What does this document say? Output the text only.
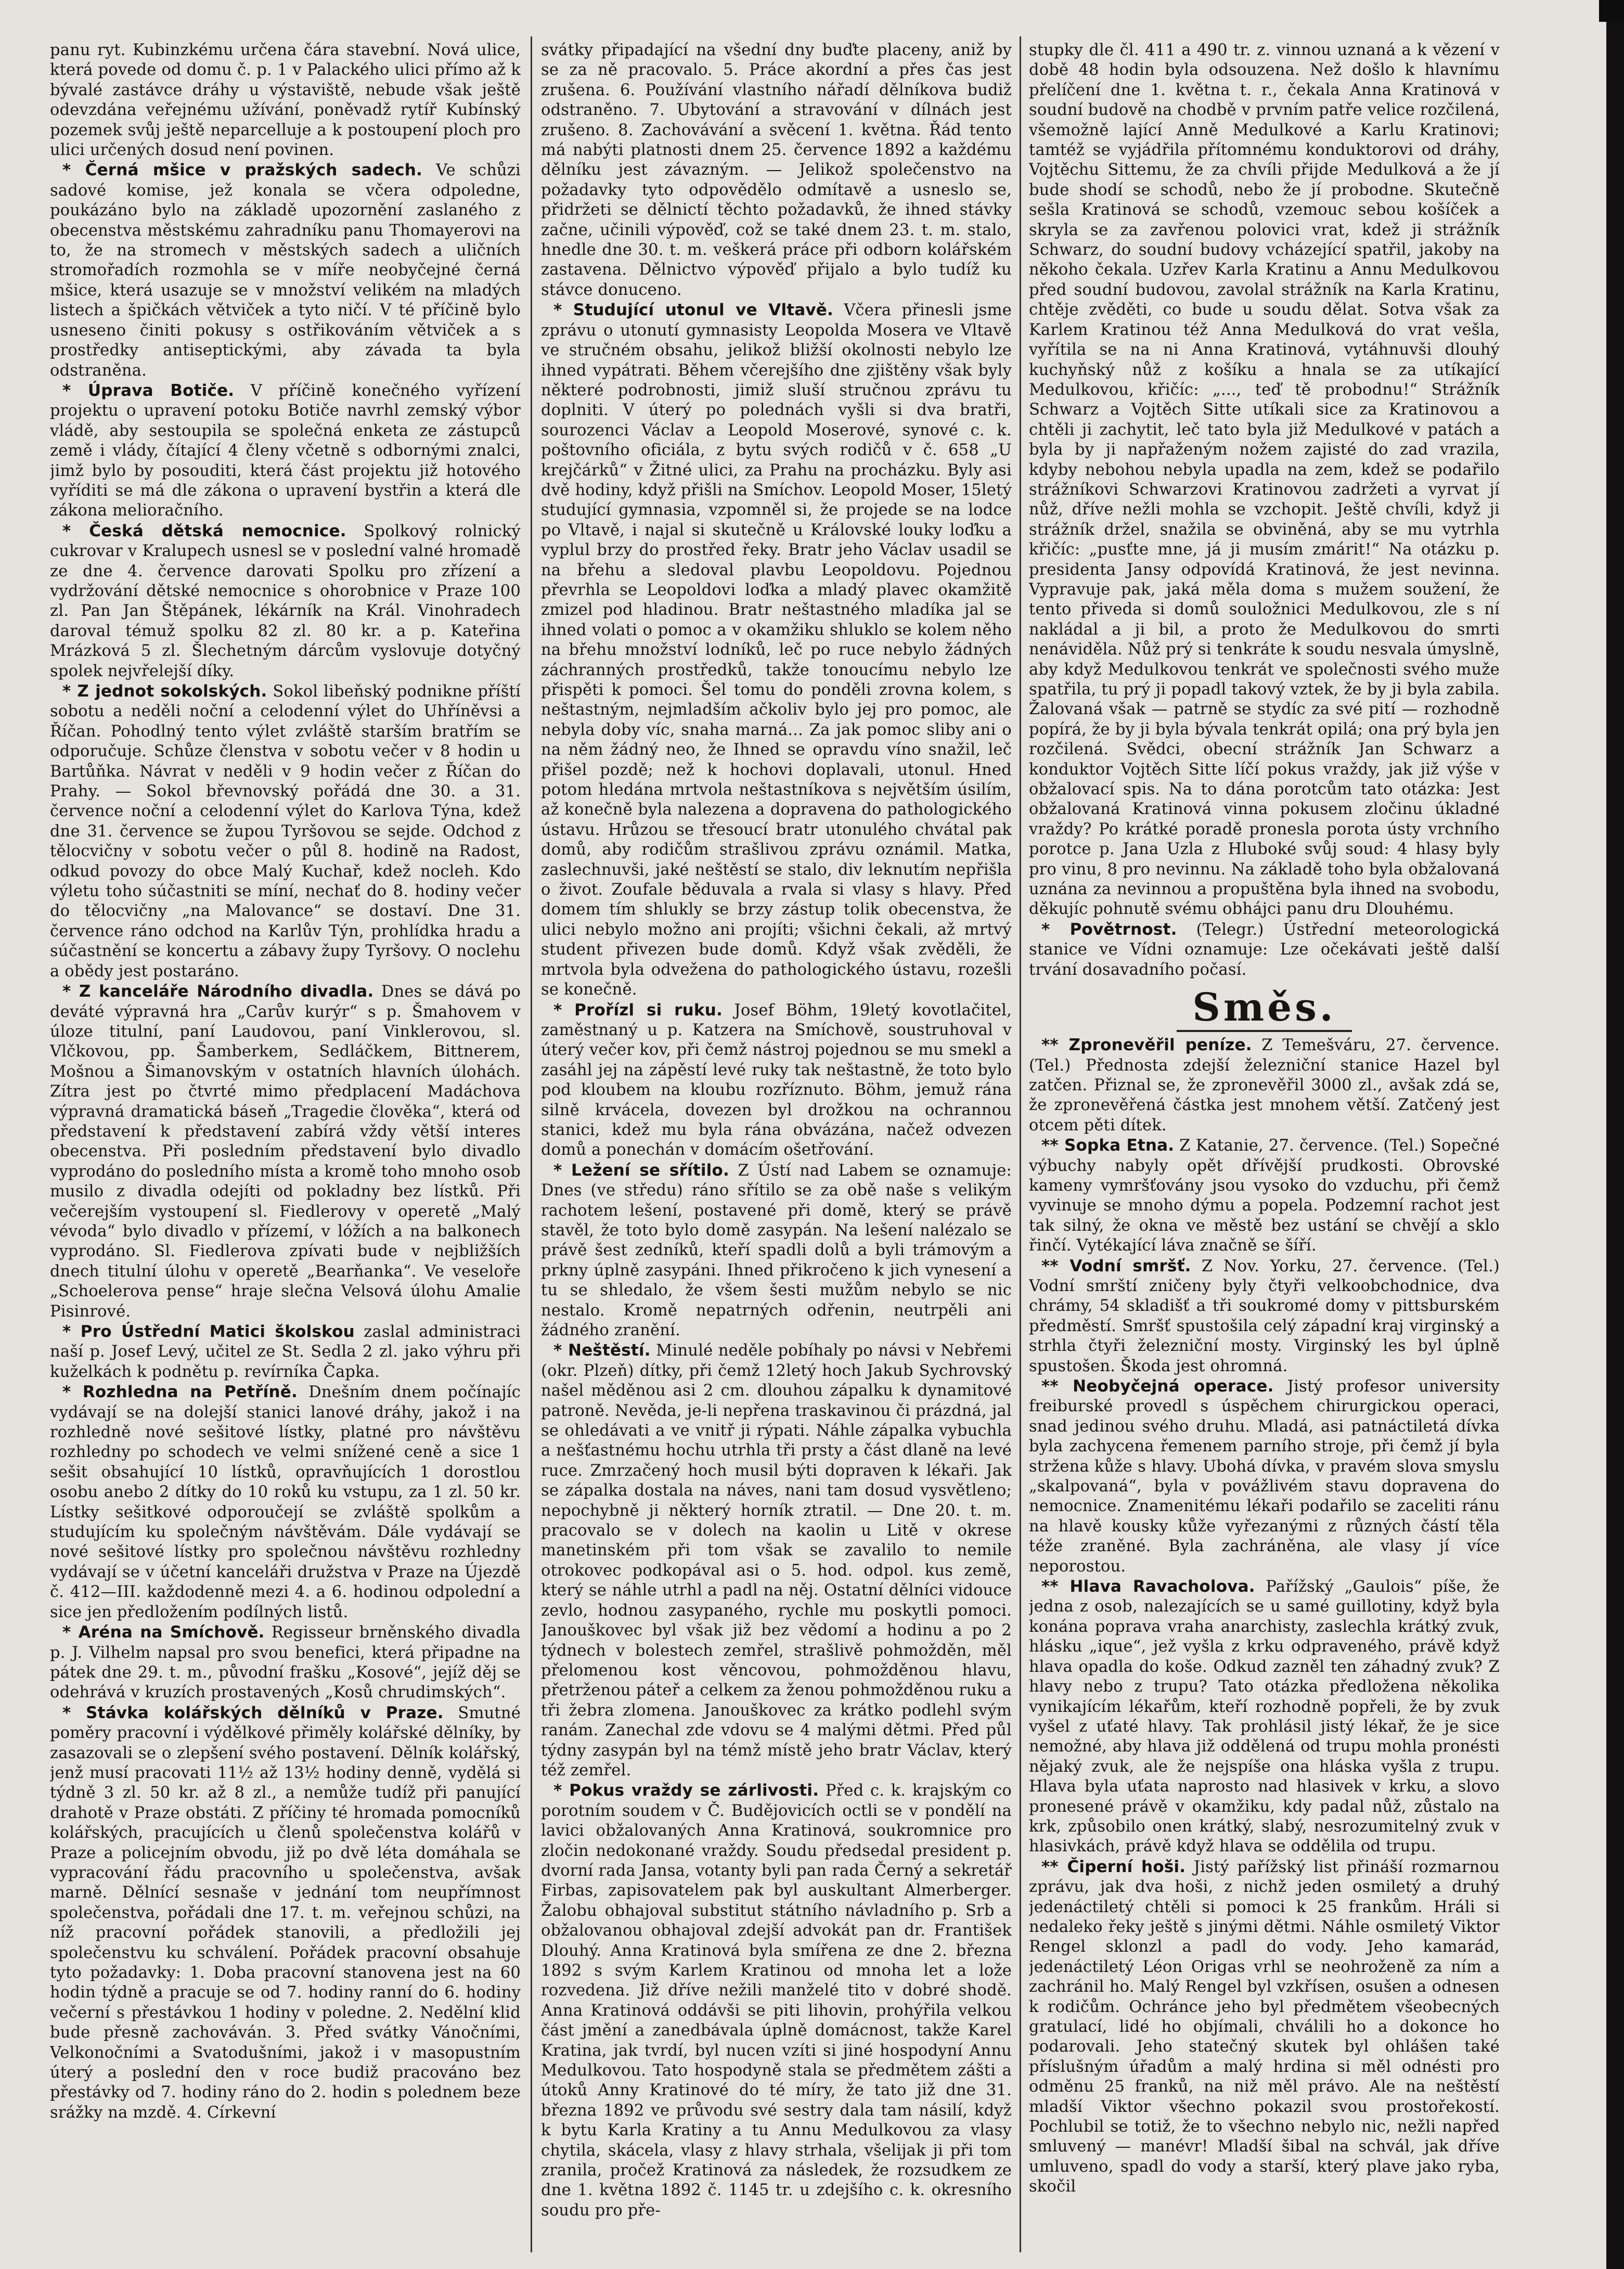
panu ryt. Kubinzkému určena čára stavební. Nová ulice, která povede od domu č. p. 1 v Palackého ulici přímo až k bývalé zastávce dráhy u výstaviště, nebude však ještě odevzdána veřejnému užívání, poněvadž rytíř Kubínský pozemek svůj ještě neparcelluje a k postoupení ploch pro ulici určených dosud není povinen.

* Černá mšice v pražských sadech. Ve schůzi sadové komise, jež konala se včera odpoledne, poukázáno bylo na základě upozornění zaslaného z obecenstva městskému zahradníku panu Thomayerovi na to, že na stromech v městských sadech a uličních stromořadích rozmohla se v míře neobyčejné černá mšice, která usazuje se v množství velikém na mladých listech a špičkách větviček a tyto ničí. V té příčině bylo usneseno činiti pokusy s ostřikováním větviček a s prostředky antiseptickými, aby závada ta byla odstraněna.

* Úprava Botiče. V příčině konečného vyřízení projektu o upravení potoku Botiče navrhl zemský výbor vládě, aby sestoupila se společná enketa ze zástupců země i vlády, čítající 4 členy včetně s odbornými znalci, jimž bylo by posouditi, která část projektu již hotového vyříditi se má dle zákona o upravení bystřin a která dle zákona melioračního.

* Česká dětská nemocnice. Spolkový rolnický cukrovar v Kralupech usnesl se v poslední valné hromadě ze dne 4. července darovati Spolku pro zřízení a vydržování dětské nemocnice s ohorobnice v Praze 100 zl. Pan Jan Štěpánek, lékárník na Král. Vinohradech daroval témuž spolku 82 zl. 80 kr. a p. Kateřina Mrázková 5 zl. Šlechetným dárcům vyslovuje dotyčný spolek nejvřelejší díky.

* Z jednot sokolských. Sokol libeňský podnikne příští sobotu a neděli noční a celodenní výlet do Uhříněvsi a Říčan. Pohodlný tento výlet zvláště starším bratřím se odporučuje. Schůze členstva v sobotu večer v 8 hodin u Bartůňka. Návrat v neděli v 9 hodin večer z Říčan do Prahy. — Sokol břevnovský pořádá dne 30. a 31. července noční a celodenní výlet do Karlova Týna, kdež dne 31. července se župou Tyršovou se sejde. Odchod z tělocvičny v sobotu večer o půl 8. hodině na Radost, odkud povozy do obce Malý Kuchař, kdež nocleh. Kdo výletu toho súčastniti se míní, nechať do 8. hodiny večer do tělocvičny „na Malovance“ se dostaví. Dne 31. července ráno odchod na Karlův Týn, prohlídka hradu a súčastnění se koncertu a zábavy župy Tyršovy. O noclehu a obědy jest postaráno.

* Z kanceláře Národního divadla. Dnes se dává po deváté výpravná hra „Carův kurýr“ s p. Šmahovem v úloze titulní, paní Laudovou, paní Vinklerovou, sl. Vlčkovou, pp. Šamberkem, Sedláčkem, Bittnerem, Mošnou a Šimanovským v ostatních hlavních úlohách. Zítra jest po čtvrté mimo předplacení Madáchova výpravná dramatická báseň „Tragedie člověka“, která od představení k představení zabírá vždy větší interes obecenstva. Při posledním představení bylo divadlo vyprodáno do posledního místa a kromě toho mnoho osob musilo z divadla odejíti od pokladny bez lístků. Při večerejším vystoupení sl. Fiedlerovy v operetě „Malý vévoda“ bylo divadlo v přízemí, v lóžích a na balkonech vyprodáno. Sl. Fiedlerova zpívati bude v nejbližších dnech titulní úlohu v operetě „Bearňanka“. Ve veseloře „Schoelerova pense“ hraje slečna Velsová úlohu Amalie Pisinrové.

* Pro Ústřední Matici školskou zaslal administraci naší p. Josef Levý, učitel ze St. Sedla 2 zl. jako výhru při kuželkách k podnětu p. revírníka Čapka.

* Rozhledna na Petříně. Dnešním dnem počínajíc vydávají se na dolejší stanici lanové dráhy, jakož i na rozhledně nové sešitové lístky, platné pro návštěvu rozhledny po schodech ve velmi snížené ceně a sice 1 sešit obsahující 10 lístků, opravňujících 1 dorostlou osobu anebo 2 dítky do 10 roků ku vstupu, za 1 zl. 50 kr. Lístky sešitkové odporoučejí se zvláště spolkům a studujícím ku společným návštěvám. Dále vydávají se nové sešitové lístky pro společnou návštěvu rozhledny vydávají se v účetní kanceláři družstva v Praze na Újezdě č. 412—III. každodenně mezi 4. a 6. hodinou odpolední a sice jen předložením podílných listů.

* Aréna na Smíchově. Regisseur brněnského divadla p. J. Vilhelm napsal pro svou benefici, která připadne na pátek dne 29. t. m., původní frašku „Kosové“, jejíž děj se odehrává v kruzích prostavených „Kosů chrudimských“.

* Stávka kolářských dělníků v Praze. Smutné poměry pracovní i výdělkové přiměly kolářské dělníky, by zasazovali se o zlepšení svého postavení. Dělník kolářský, jenž musí pracovati 11½ až 13½ hodiny denně, vydělá si týdně 3 zl. 50 kr. až 8 zl., a nemůže tudíž při panující drahotě v Praze obstáti. Z příčiny té hromada pomocníků kolářských, pracujících u členů společenstva kolářů v Praze a policejním obvodu, již po dvě léta domáhala se vypracování řádu pracovního u společenstva, avšak marně. Dělnící sesnaše v jednání tom neupřímnost společenstva, pořádali dne 17. t. m. veřejnou schůzi, na níž pracovní pořádek stanovili, a předložili jej společenstvu ku schválení. Pořádek pracovní obsahuje tyto požadavky: 1. Doba pracovní stanovena jest na 60 hodin týdně a pracuje se od 7. hodiny ranní do 6. hodiny večerní s přestávkou 1 hodiny v poledne. 2. Nedělní klid bude přesně zachováván. 3. Před svátky Vánočními, Velkonočními a Svatodušními, jakož i v masopustním úterý a poslední den v roce budiž pracováno bez přestávky od 7. hodiny ráno do 2. hodin s polednem beze srážky na mzdě. 4. Církevní

svátky připadající na všední dny buďte placeny, aniž by se za ně pracovalo. 5. Práce akordní a přes čas jest zrušena. 6. Používání vlastního nářadí dělníkova budiž odstraněno. 7. Ubytování a stravování v dílnách jest zrušeno. 8. Zachovávání a svěcení 1. května. Řád tento má nabýti platnosti dnem 25. července 1892 a každému dělníku jest závazným. — Jelikož společenstvo na požadavky tyto odpovědělo odmítavě a usneslo se, přidržeti se dělnictí těchto požadavků, že ihned stávky začne, učinili výpověď, což se také dnem 23. t. m. stalo, hnedle dne 30. t. m. veškerá práce při odborn kolářském zastavena. Dělnictvo výpověď přijalo a bylo tudíž ku stávce donuceno.

* Studující utonul ve Vltavě. Včera přinesli jsme zprávu o utonutí gymnasisty Leopolda Mosera ve Vltavě ve stručném obsahu, jelikož bližší okolnosti nebylo lze ihned vypátrati. Během včerejšího dne zjištěny však byly některé podrobnosti, jimiž sluší stručnou zprávu tu doplniti. V úterý po polednách vyšli si dva bratři, sourozenci Václav a Leopold Moserové, synové c. k. poštovního oficiála, z bytu svých rodičů v č. 658 „U krejčárků“ v Žitné ulici, za Prahu na procházku. Byly asi dvě hodiny, když přišli na Smíchov. Leopold Moser, 15letý studující gymnasia, vzpomněl si, že projede se na lodce po Vltavě, i najal si skutečně u Královské louky loďku a vyplul brzy do prostřed řeky. Bratr jeho Václav usadil se na břehu a sledoval plavbu Leopoldovu. Pojednou převrhla se Leopoldovi loďka a mladý plavec okamžitě zmizel pod hladinou. Bratr neštastného mladíka jal se ihned volati o pomoc a v okamžiku shluklo se kolem něho na břehu množství lodníků, leč po ruce nebylo žádných záchranných prostředků, takže tonoucímu nebylo lze přispěti k pomoci. Šel tomu do ponděli zrovna kolem, s neštastným, nejmladším ačkoliv bylo jej pro pomoc, ale nebyla doby víc, snaha marná... Za jak pomoc sliby ani o na něm žádný neo, že Ihned se opravdu víno snažil, leč přišel pozdě; než k hochovi doplavali, utonul. Hned potom hledána mrtvola neštastníkova s největším úsilím, až konečně byla nalezena a dopravena do pathologického ústavu. Hrůzou se třesoucí bratr utonulého chvátal pak domů, aby rodičům strašlivou zprávu oznámil. Matka, zaslechnuvši, jaké neštěstí se stalo, div leknutím nepřišla o život. Zoufale běduvala a rvala si vlasy s hlavy. Před domem tím shlukly se brzy zástup tolik obecenstva, že ulici nebylo možno ani projíti; všichni čekali, až mrtvý student přivezen bude domů. Když však zvěděli, že mrtvola byla odvežena do pathologického ústavu, rozešli se konečně.

* Prořízl si ruku. Josef Böhm, 19letý kovotlačitel, zaměstnaný u p. Katzera na Smíchově, soustruhoval v úterý večer kov, při čemž nástroj pojednou se mu smekl a zasáhl jej na zápěstí levé ruky tak neštastně, že toto bylo pod kloubem na kloubu rozříznuto. Böhm, jemuž rána silně krvácela, dovezen byl drožkou na ochrannou stanici, kdež mu byla rána obvázána, načež odvezen domů a ponechán v domácím ošetřování.

* Ležení se sřítilo. Z Ústí nad Labem se oznamuje: Dnes (ve středu) ráno sřítilo se za obě naše s velikým rachotem lešení, postavené při domě, který se právě stavěl, že toto bylo domě zasypán. Na lešení nalézalo se právě šest zedníků, kteří spadli dolů a byli trámovým a prkny úplně zasypáni. Ihned přikročeno k jich vynesení a tu se shledalo, že všem šesti mužům nebylo se nic nestalo. Kromě nepatrných odřenin, neutrpěli ani žádného zranění.

* Neštěstí. Minulé neděle pobíhaly po návsi v Nebřemi (okr. Plzeň) dítky, při čemž 12letý hoch Jakub Sychrovský našel měděnou asi 2 cm. dlouhou zápalku k dynamitové patroně. Nevěda, je-li nepřena traskavinou či prázdná, jal se ohledávati a ve vnitř ji rýpati. Náhle zápalka vybuchla a nešťastnému hochu utrhla tři prsty a část dlaně na levé ruce. Zmrzačený hoch musil býti dopraven k lékaři. Jak se zápalka dostala na náves, nani tam dosud vysvětleno; nepochybně ji některý horník ztratil. — Dne 20. t. m. pracovalo se v dolech na kaolin u Litě v okrese manetinském při tom však se zavalilo to nemile otrokovec podkopával asi o 5. hod. odpol. kus země, který se náhle utrhl a padl na něj. Ostatní dělníci vidouce zevlo, hodnou zasypaného, rychle mu poskytli pomoci. Janouškovec byl však již bez vědomí a hodinu a po 2 týdnech v bolestech zemřel, strašlivě pohmožděn, měl přelomenou kost věncovou, pohmožděnou hlavu, přetrženou páteř a celkem za ženou pohmožděnou ruku a tři žebra zlomena. Janouškovec za krátko podlehl svým ranám. Zanechal zde vdovu se 4 malými dětmi. Před půl týdny zasypán byl na témž místě jeho bratr Václav, který též zemřel.

* Pokus vraždy se zárlivosti. Před c. k. krajským co porotním soudem v Č. Budějovicích octli se v pondělí na lavici obžalovaných Anna Kratinová, soukromnice pro zločin nedokonané vraždy. Soudu předsedal president p. dvorní rada Jansa, votanty byli pan rada Černý a sekretář Firbas, zapisovatelem pak byl auskultant Almerberger. Žalobu obhajoval substitut státního návladního p. Srb a obžalovanou obhajoval zdejší advokát pan dr. František Dlouhý. Anna Kratinová byla smířena ze dne 2. března 1892 s svým Karlem Kratinou od mnoha let a lože rozvedena. Již dříve nežili manželé tito v dobré shodě. Anna Kratinová oddávši se piti lihovin, prohýřila velkou část jmění a zanedbávala úplně domácnost, takže Karel Kratina, jak tvrdí, byl nucen vzíti si jiné hospodyní Annu Medulkovou. Tato hospodyně stala se předmětem zášti a útoků Anny Kratinové do té míry, že tato již dne 31. března 1892 ve průvodu své sestry dala tam násilí, když k bytu Karla Kratiny a tu Annu Medulkovou za vlasy chytila, skácela, vlasy z hlavy strhala, všelijak ji při tom zranila, pročež Kratinová za následek, že rozsudkem ze dne 1. května 1892 č. 1145 tr. u zdejšího c. k. okresního soudu pro pře-

stupky dle čl. 411 a 490 tr. z. vinnou uznaná a k vězení v době 48 hodin byla odsouzena. Než došlo k hlavnímu přelíčení dne 1. května t. r., čekala Anna Kratinová v soudní budově na chodbě v prvním patře velice rozčilená, všemožně lající Anně Medulkové a Karlu Kratinovi; tamtéž se vyjádřila přítomnému konduktorovi od dráhy, Vojtěchu Sittemu, že za chvíli přijde Medulková a že jí bude shodí se schodů, nebo že jí probodne. Skutečně sešla Kratinová se schodů, vzemouc sebou košíček a skryla se za zavřenou polovici vrat, kdež ji strážník Schwarz, do soudní budovy vcházející spatřil, jakoby na někoho čekala. Uzřev Karla Kratinu a Annu Medulkovou před soudní budovou, zavolal strážník na Karla Kratinu, chtěje zvěděti, co bude u soudu dělat. Sotva však za Karlem Kratinou též Anna Medulková do vrat vešla, vyřítila se na ni Anna Kratinová, vytáhnuvši dlouhý kuchyňský nůž z košíku a hnala se za utíkající Medulkovou, křičíc: „..., teď tě probodnu!“ Strážník Schwarz a Vojtěch Sitte utíkali sice za Kratinovou a chtěli ji zachytit, leč tato byla již Medulkové v patách a byla by ji napřaženým nožem zajisté do zad vrazila, kdyby nebohou nebyla upadla na zem, kdež se podařilo strážníkovi Schwarzovi Kratinovou zadržeti a vyrvat jí nůž, dříve nežli mohla se vzchopit. Ještě chvíli, když ji strážník držel, snažila se obviněná, aby se mu vytrhla křičíc: „pusťte mne, já ji musím zmárit!“ Na otázku p. presidenta Jansy odpovídá Kratinová, že jest nevinna. Vypravuje pak, jaká měla doma s mužem soužení, že tento přiveda si domů souložnici Medulkovou, zle s ní nakládal a ji bil, a proto že Medulkovou do smrti nenáviděla. Nůž prý si tenkráte k soudu nesvala úmyslně, aby když Medulkovou tenkrát ve společnosti svého muže spatřila, tu prý ji popadl takový vztek, že by ji byla zabila. Žalovaná však — patrně se stydíc za své pití — rozhodně popírá, že by ji byla bývala tenkrát opilá; ona prý byla jen rozčilená. Svědci, obecní strážník Jan Schwarz a konduktor Vojtěch Sitte líčí pokus vraždy, jak již výše v obžalovací spis. Na to dána porotcům tato otázka: Jest obžalovaná Kratinová vinna pokusem zločinu úkladné vraždy? Po krátké poradě pronesla porota ústy vrchního porotce p. Jana Uzla z Hluboké svůj soud: 4 hlasy byly pro vinu, 8 pro nevinnu. Na základě toho byla obžalovaná uznána za nevinnou a propuštěna byla ihned na svobodu, děkujíc pohnutě svému obhájci panu dru Dlouhému.

* Povětrnost. (Telegr.) Ústřední meteorologická stanice ve Vídni oznamuje: Lze očekávati ještě další trvání dosavadního počasí.

Směs.

** Zpronevěřil peníze. Z Temešváru, 27. července. (Tel.) Přednosta zdejší železniční stanice Hazel byl zatčen. Přiznal se, že zpronevěřil 3000 zl., avšak zdá se, že zpronevěřená částka jest mnohem větší. Zatčený jest otcem pěti dítek.

** Sopka Etna. Z Katanie, 27. července. (Tel.) Sopečné výbuchy nabyly opět dřívější prudkosti. Obrovské kameny vymršťovány jsou vysoko do vzduchu, při čemž vyvinuje se mnoho dýmu a popela. Podzemní rachot jest tak silný, že okna ve městě bez ustání se chvějí a sklo řinčí. Vytékající láva značně se šíří.

** Vodní smršť. Z Nov. Yorku, 27. července. (Tel.) Vodní smrští zničeny byly čtyři velkoobchodnice, dva chrámy, 54 skladišť a tři soukromé domy v pittsburském předměstí. Smršť spustošila celý západní kraj virginský a strhla čtyři železniční mosty. Virginský les byl úplně spustošen. Škoda jest ohromná.

** Neobyčejná operace. Jistý profesor university freiburské provedl s úspěchem chirurgickou operaci, snad jedinou svého druhu. Mladá, asi patnáctiletá dívka byla zachycena řemenem parního stroje, při čemž jí byla stržena kůže s hlavy. Ubohá dívka, v pravém slova smyslu „skalpovaná“, byla v povážlivém stavu dopravena do nemocnice. Znamenitému lékaři podařilo se zaceliti ránu na hlavě kousky kůže vyřezanými z různých částí těla téže zraněné. Byla zachráněna, ale vlasy jí více neporostou.

** Hlava Ravacholova. Pařížský „Gaulois“ píše, že jedna z osob, nalezajících se u samé guillotiny, když byla konána poprava vraha anarchisty, zaslechla krátký zvuk, hlásku „ique“, jež vyšla z krku odpraveného, právě když hlava opadla do koše. Odkud zazněl ten záhadný zvuk? Z hlavy nebo z trupu? Tato otázka předložena několika vynikajícím lékařům, kteří rozhodně popřeli, že by zvuk vyšel z uťaté hlavy. Tak prohlásil jistý lékař, že je sice nemožné, aby hlava již oddělená od trupu mohla pronésti nějaký zvuk, ale že nejspíše ona hláska vyšla z trupu. Hlava byla uťata naprosto nad hlasivek v krku, a slovo pronesené právě v okamžiku, kdy padal nůž, zůstalo na krk, způsobilo onen krátký, slabý, nesrozumitelný zvuk v hlasivkách, právě když hlava se oddělila od trupu.

** Čiperní hoši. Jistý pařížský list přináší rozmarnou zprávu, jak dva hoši, z nichž jeden osmiletý a druhý jedenáctiletý chtěli si pomoci k 25 frankům. Hráli si nedaleko řeky ještě s jinými dětmi. Náhle osmiletý Viktor Rengel sklonzl a padl do vody. Jeho kamarád, jedenáctiletý Léon Origas vrhl se neohroženě za ním a zachránil ho. Malý Rengel byl vzkřísen, osušen a odnesen k rodičům. Ochránce jeho byl předmětem všeobecných gratulací, lidé ho objímali, chválili ho a dokonce ho podarovali. Jeho statečný skutek byl ohlášen také příslušným úřadům a malý hrdina si měl odnésti pro odměnu 25 franků, na niž měl právo. Ale na neštěstí mladší Viktor všechno pokazil svou prostořekostí. Pochlubil se totiž, že to všechno nebylo nic, nežli napřed smluvený — manévr! Mladší šibal na schvál, jak dříve umluveno, spadl do vody a starší, který plave jako ryba, skočil
